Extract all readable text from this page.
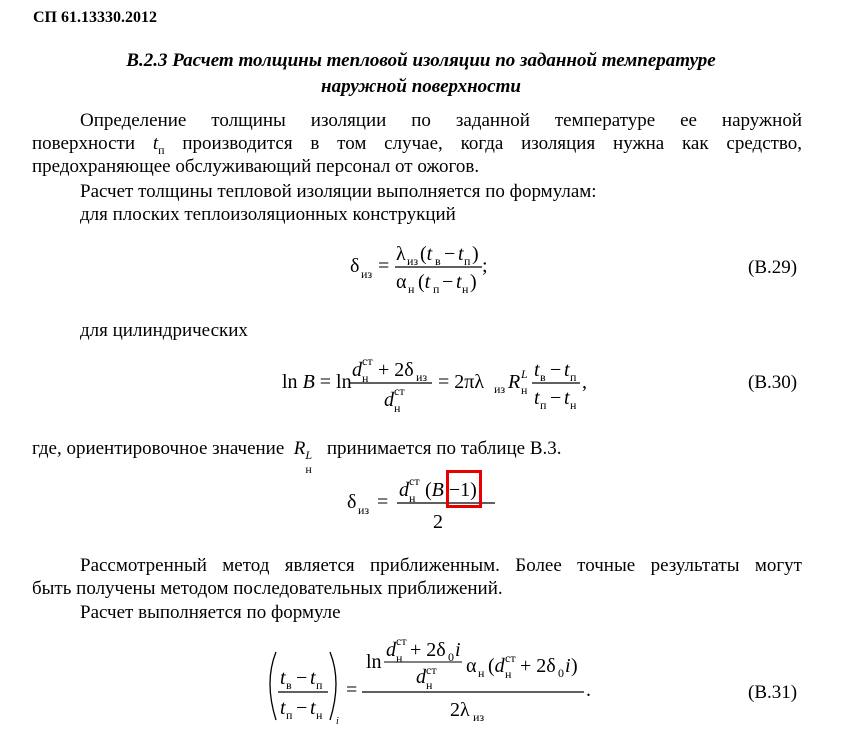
СП 61.13330.2012
В.2.3 Расчет толщины тепловой изоляции по заданной температуре
наружной поверхности
Определение толщины изоляции по заданной температуре ее наружной
поверхности $t_п$ производится в том случае, когда изоляция нужна как средство,
предохраняющее обслуживающий персонал от ожогов.
Расчет толщины тепловой изоляции выполняется по формулам:
для плоских теплоизоляционных конструкций
δ из =
λ из (t в − t п )
α н (t п − t н )
;	(В.29)
для цилиндрических
ln B = ln
d ст
н + 2δ из
d ст
н
= 2πλ из R L
н
t в − t п
t п − t н
,	(В.30)
где, ориентировочное значение R L
н
принимается по таблице В.3.
δ из =
d ст
н (B −1)
2
Рассмотренный метод является приближенным. Более точные результаты могут
быть получены методом последовательных приближений.
Расчет выполняется по формуле
t в − t п
t п − t н i
=
ln
d ст
н + 2δ 0 i
d ст
н
α н (d ст
н + 2δ 0 i )
2λ из
.	(В.31)
